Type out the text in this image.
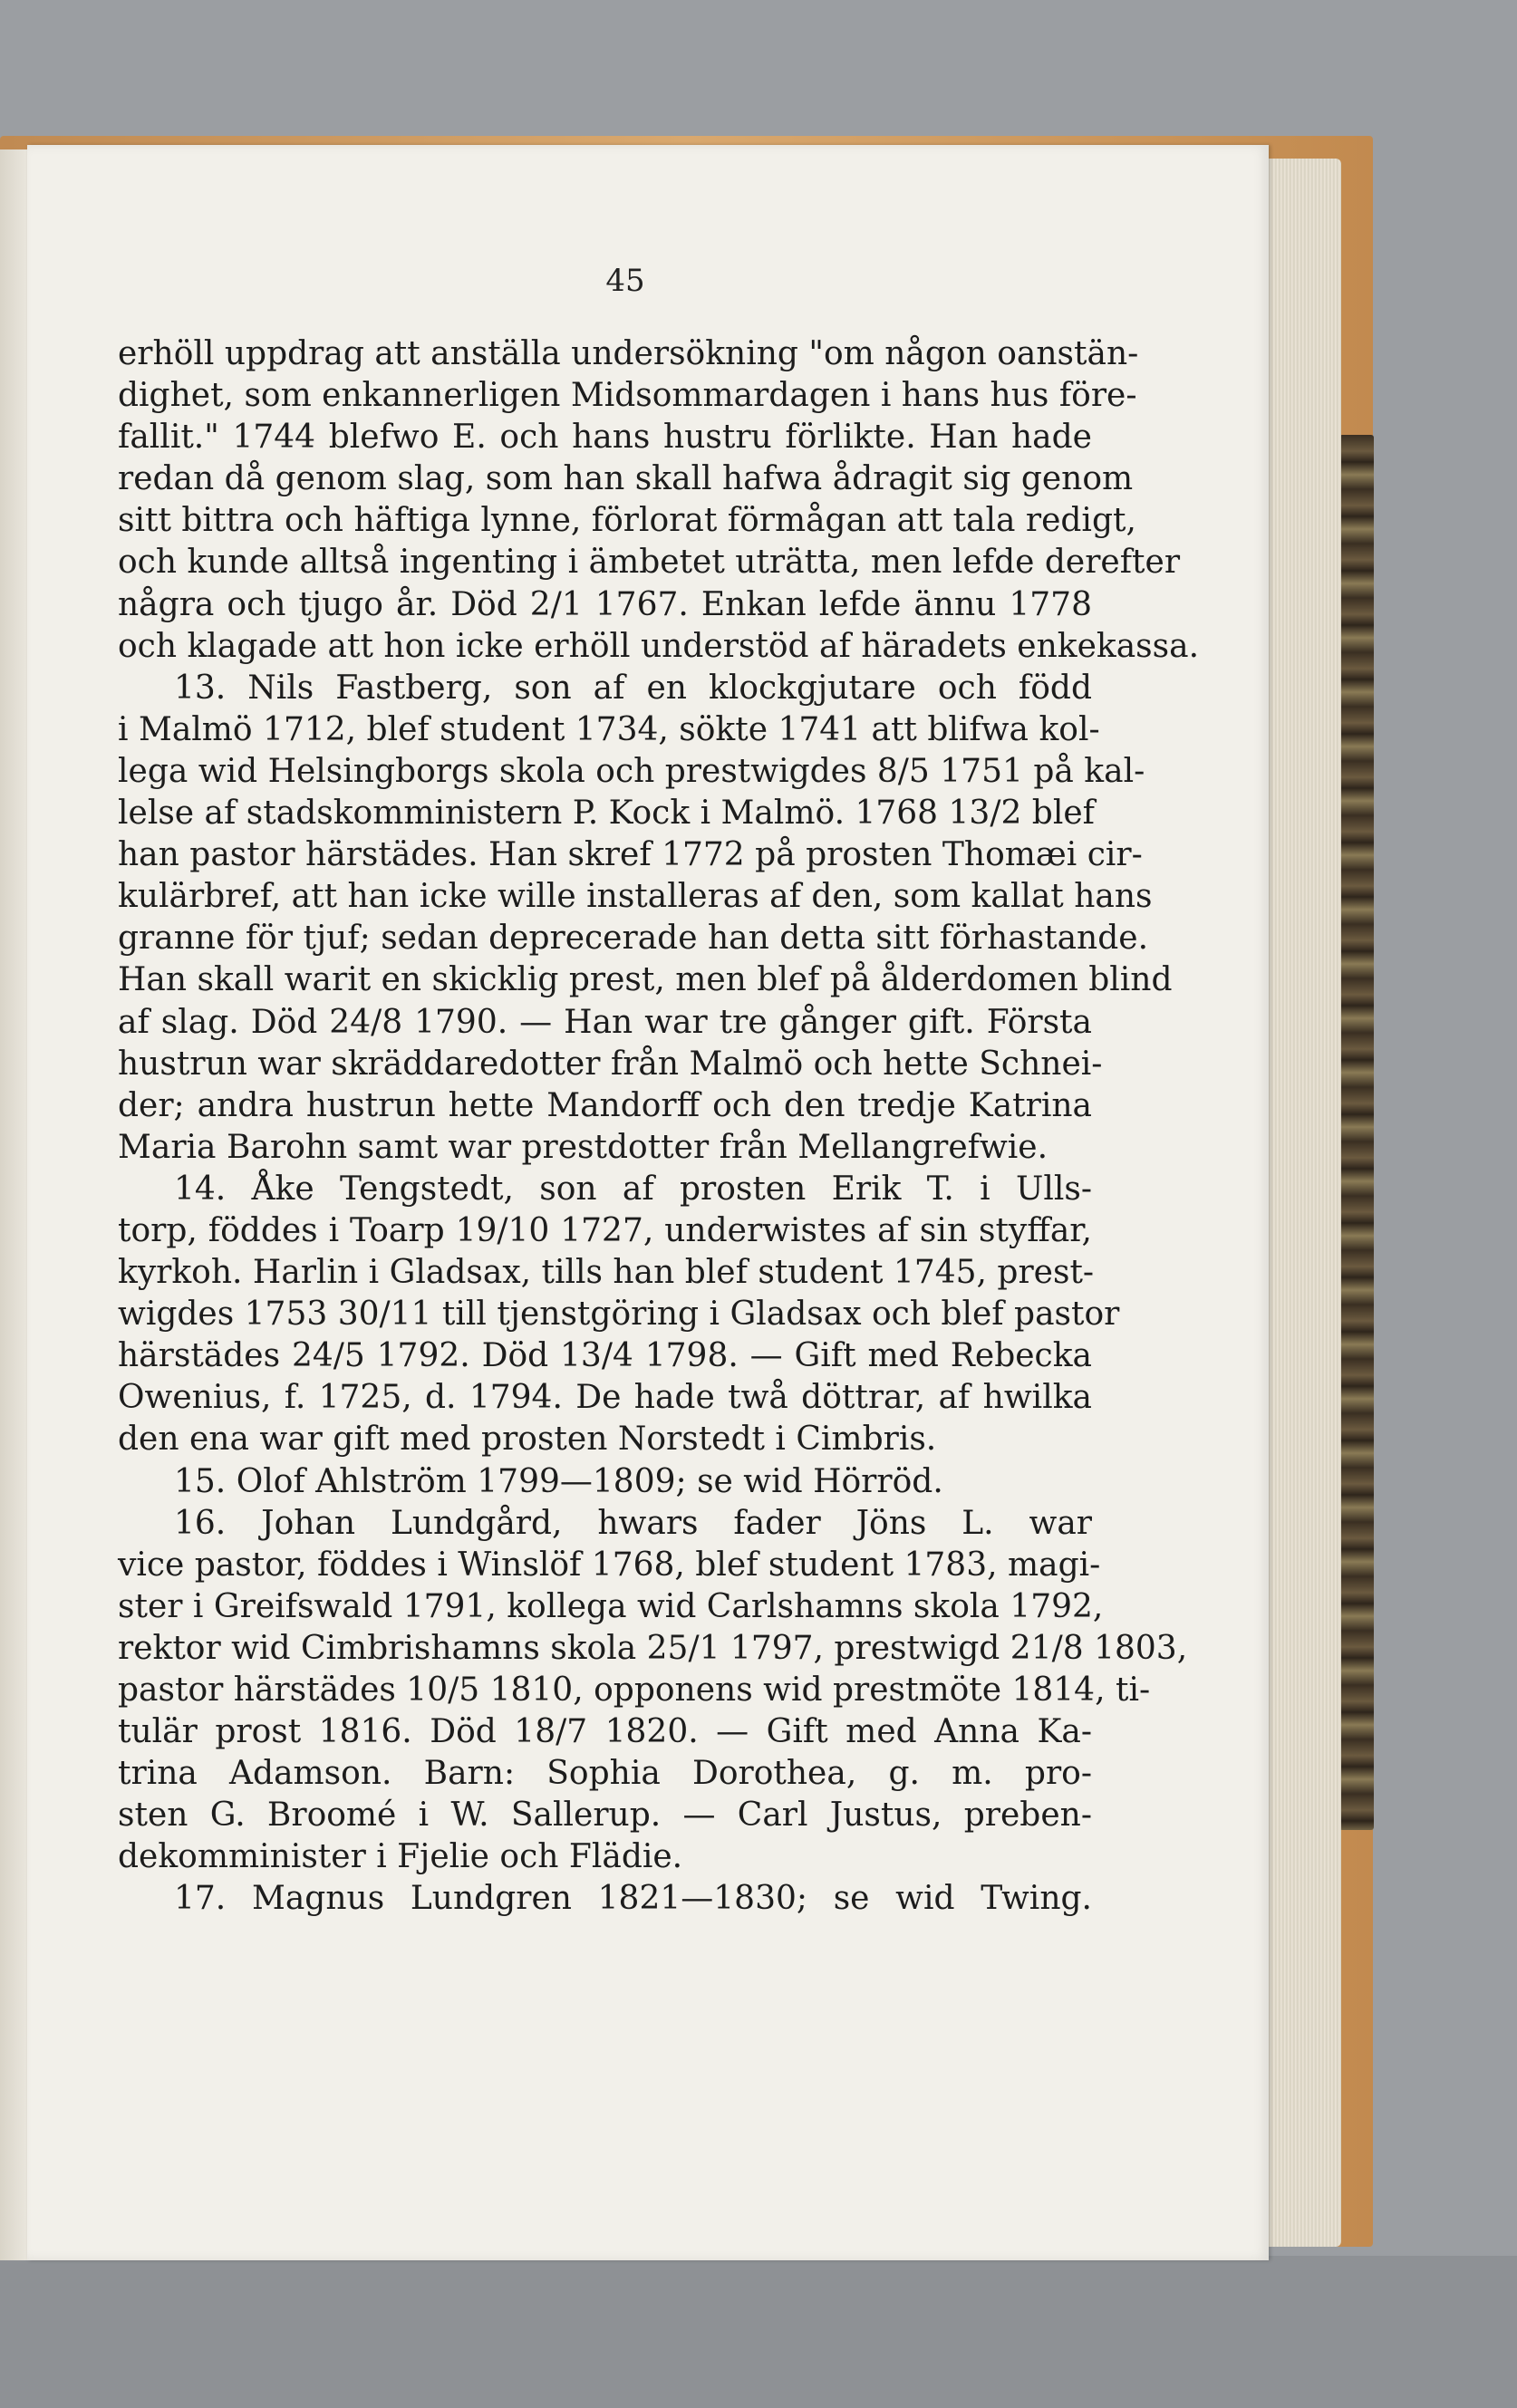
45
erhöll uppdrag att anställa undersökning "om någon oanstän-
dighet, som enkannerligen Midsommardagen i hans hus före-
fallit." 1744 blefwo E. och hans hustru förlikte. Han hade
redan då genom slag, som han skall hafwa ådragit sig genom
sitt bittra och häftiga lynne, förlorat förmågan att tala redigt,
och kunde alltså ingenting i ämbetet uträtta, men lefde derefter
några och tjugo år. Död 2/1 1767. Enkan lefde ännu 1778
och klagade att hon icke erhöll understöd af häradets enkekassa.
13. Nils Fastberg, son af en klockgjutare och född
i Malmö 1712, blef student 1734, sökte 1741 att blifwa kol-
lega wid Helsingborgs skola och prestwigdes 8/5 1751 på kal-
lelse af stadskomministern P. Kock i Malmö. 1768 13/2 blef
han pastor härstädes. Han skref 1772 på prosten Thomæi cir-
kulärbref, att han icke wille installeras af den, som kallat hans
granne för tjuf; sedan deprecerade han detta sitt förhastande.
Han skall warit en skicklig prest, men blef på ålderdomen blind
af slag. Död 24/8 1790. — Han war tre gånger gift. Första
hustrun war skräddaredotter från Malmö och hette Schnei-
der; andra hustrun hette Mandorff och den tredje Katrina
Maria Barohn samt war prestdotter från Mellangrefwie.
14. Åke Tengstedt, son af prosten Erik T. i Ulls-
torp, föddes i Toarp 19/10 1727, underwistes af sin styffar,
kyrkoh. Harlin i Gladsax, tills han blef student 1745, prest-
wigdes 1753 30/11 till tjenstgöring i Gladsax och blef pastor
härstädes 24/5 1792. Död 13/4 1798. — Gift med Rebecka
Owenius, f. 1725, d. 1794. De hade twå döttrar, af hwilka
den ena war gift med prosten Norstedt i Cimbris.
15. Olof Ahlström 1799—1809; se wid Hörröd.
16. Johan Lundgård, hwars fader Jöns L. war
vice pastor, föddes i Winslöf 1768, blef student 1783, magi-
ster i Greifswald 1791, kollega wid Carlshamns skola 1792,
rektor wid Cimbrishamns skola 25/1 1797, prestwigd 21/8 1803,
pastor härstädes 10/5 1810, opponens wid prestmöte 1814, ti-
tulär prost 1816. Död 18/7 1820. — Gift med Anna Ka-
trina Adamson. Barn: Sophia Dorothea, g. m. pro-
sten G. Broomé i W. Sallerup. — Carl Justus, preben-
dekomminister i Fjelie och Flädie.
17. Magnus Lundgren 1821—1830; se wid Twing.
